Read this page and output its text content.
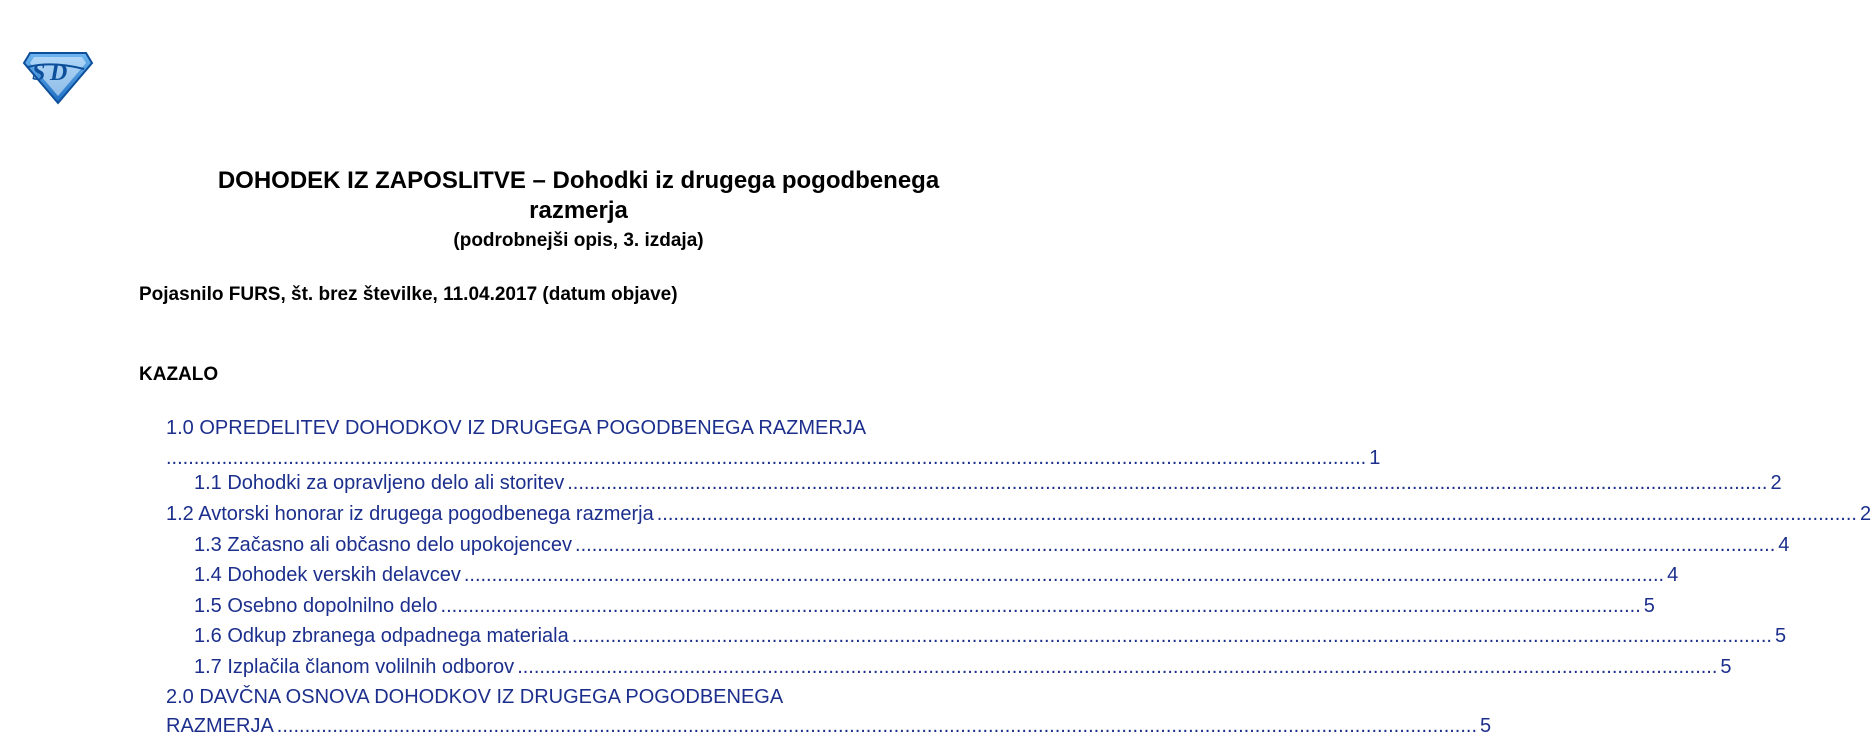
S D
DOHODEK IZ ZAPOSLITVE – Dohodki iz drugega pogodbenega
razmerja
(podrobnejši opis, 3. izdaja)

Pojasnilo FURS, št. brez številke, 11.04.2017 (datum objave)

KAZALO

1.0 OPREDELITEV DOHODKOV IZ DRUGEGA POGODBENEGA RAZMERJA
........................................................................................................................................................................................................................ 1
1.1 Dohodki za opravljeno delo ali storitev ........................................................................................................................................................................................................................ 2
1.2 Avtorski honorar iz drugega pogodbenega razmerja ........................................................................................................................................................................................................................ 2
1.3 Začasno ali občasno delo upokojencev ........................................................................................................................................................................................................................ 4
1.4 Dohodek verskih delavcev ........................................................................................................................................................................................................................ 4
1.5 Osebno dopolnilno delo ........................................................................................................................................................................................................................ 5
1.6 Odkup zbranega odpadnega materiala ........................................................................................................................................................................................................................ 5
1.7 Izplačila članom volilnih odborov ........................................................................................................................................................................................................................ 5
2.0 DAVČNA OSNOVA DOHODKOV IZ DRUGEGA POGODBENEGA
RAZMERJA ........................................................................................................................................................................................................................ 5
